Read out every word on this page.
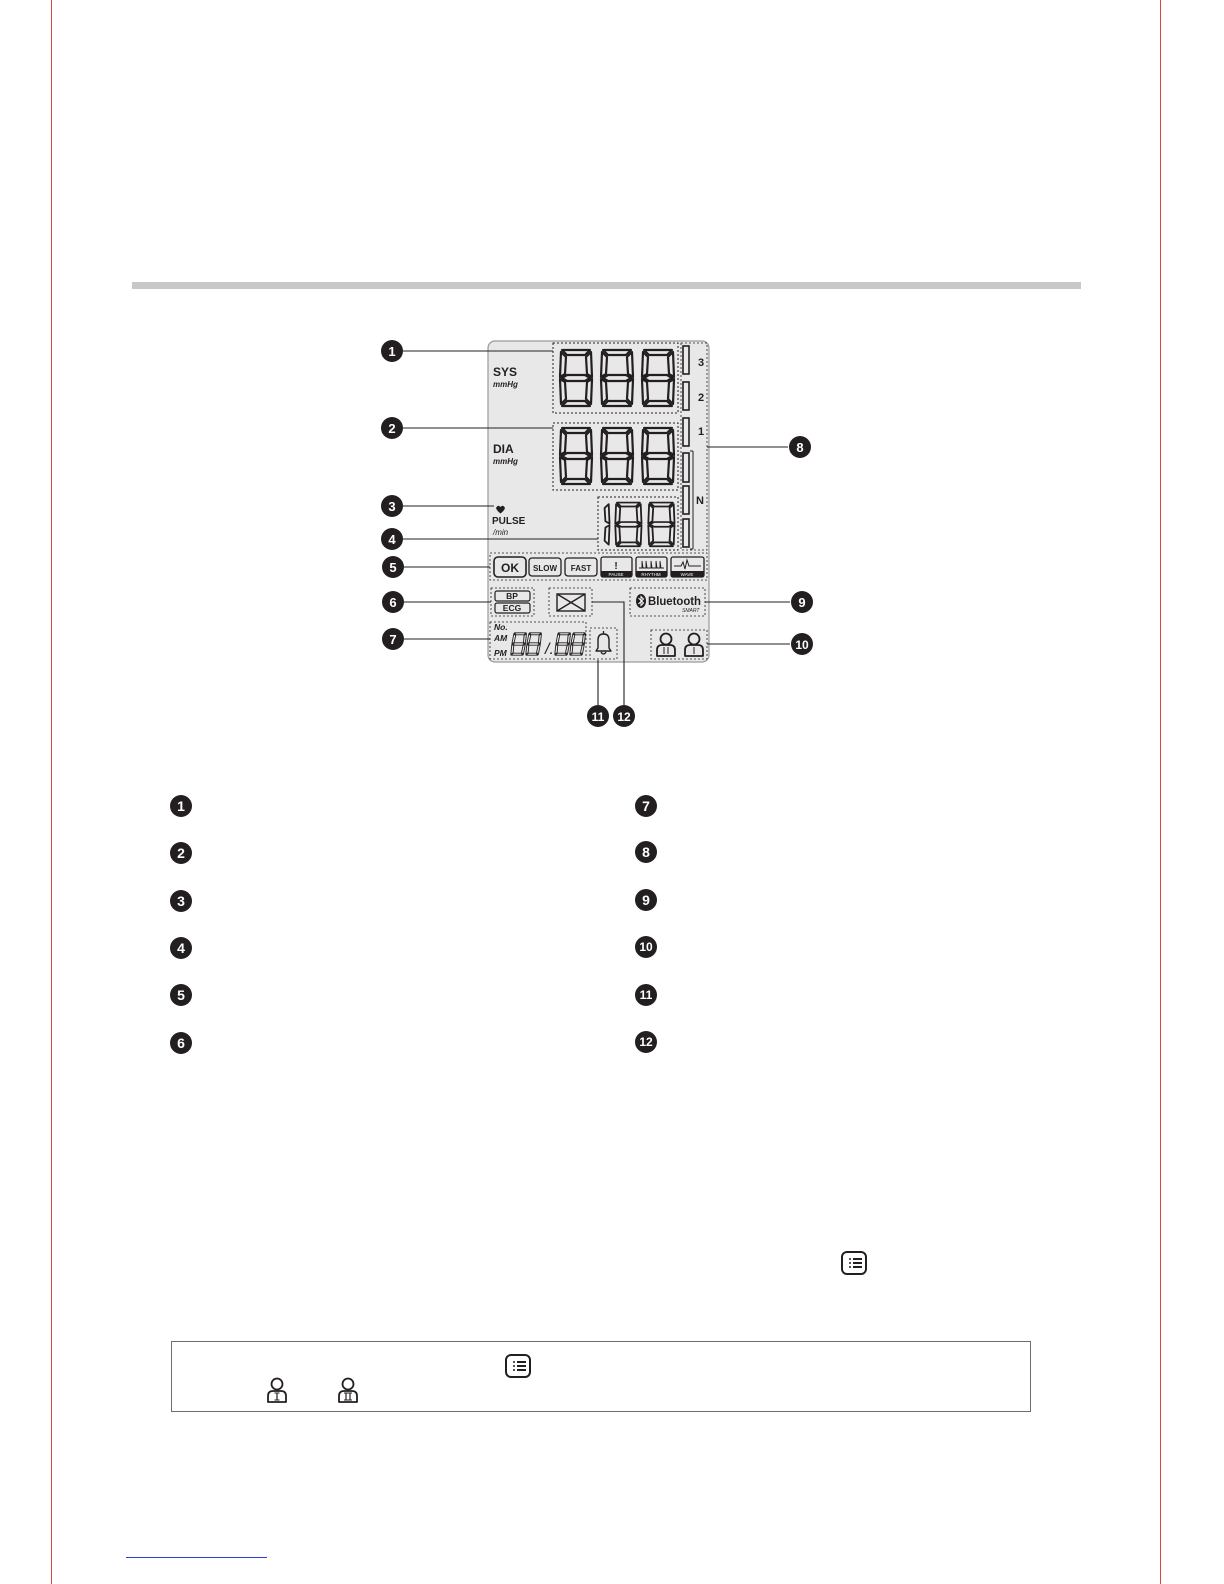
SYS
mmHg
DIA
mmHg
PULSE
/min
3
2
1
N
OK SLOW FAST !
PAUSE	RHYTHM	WAVE
BP
ECG	Bluetooth
SMART
No.
AM
PM /.
1
2
3
4
5
6
7
8
9
10
11 12
1
2
3
4
5
6
7
8
9
10
11
12
